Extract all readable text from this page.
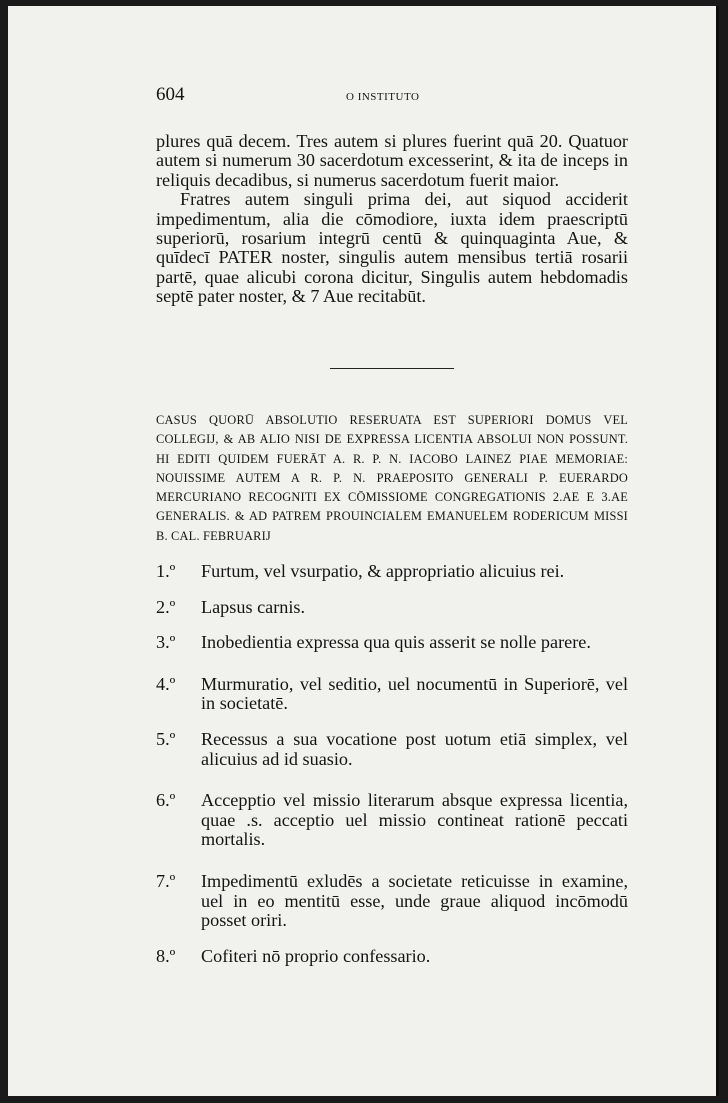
604	O INSTITUTO

plures quā decem. Tres autem si plures fuerint quā 20. Quatuor autem si numerum 30 sacerdotum excesserint, & ita de inceps in reliquis decadibus, si numerus sacerdotum fuerit maior.

Fratres autem singuli prima dei, aut siquod acciderit impedimentum, alia die cōmodiore, iuxta idem praescriptū superiorū, rosarium integrū centū & quinquaginta Aue, & quīdecī PATER noster, singulis autem mensibus tertiā rosarii partē, quae alicubi corona dicitur, Singulis autem hebdomadis septē pater noster, & 7 Aue recitabūt.

CASUS QUORŪ ABSOLUTIO RESERUATA EST SUPERIORI DOMUS VEL COLLEGIJ, & AB ALIO NISI DE EXPRESSA LICENTIA ABSOLUI NON POSSUNT. HI EDITI QUIDEM FUERĀT A. R. P. N. IACOBO LAINEZ PIAE MEMORIAE: NOUISSIME AUTEM A R. P. N. PRAEPOSITO GENERALI P. EUERARDO MERCURIANO RECOGNITI EX CŌMISSIOME CONGREGATIONIS 2.AE E 3.AE GENERALIS. & AD PATREM PROUINCIALEM EMANUELEM RODERICUM MISSI B. CAL. FEBRUARIJ
1.º Furtum, vel vsurpatio, & appropriatio alicuius rei.
2.º Lapsus carnis.
3.º Inobedientia expressa qua quis asserit se nolle parere.
4.º Murmuratio, vel seditio, uel nocumentū in Superiorē, vel in societatē.
5.º Recessus a sua vocatione post uotum etiā simplex, vel alicuius ad id suasio.
6.º Accepptio vel missio literarum absque expressa licentia, quae .s. acceptio uel missio contineat rationē peccati mortalis.
7.º Impedimentū exludēs a societate reticuisse in examine, uel in eo mentitū esse, unde graue aliquod incōmodū posset oriri.
8.º Cofiteri nō proprio confessario.
